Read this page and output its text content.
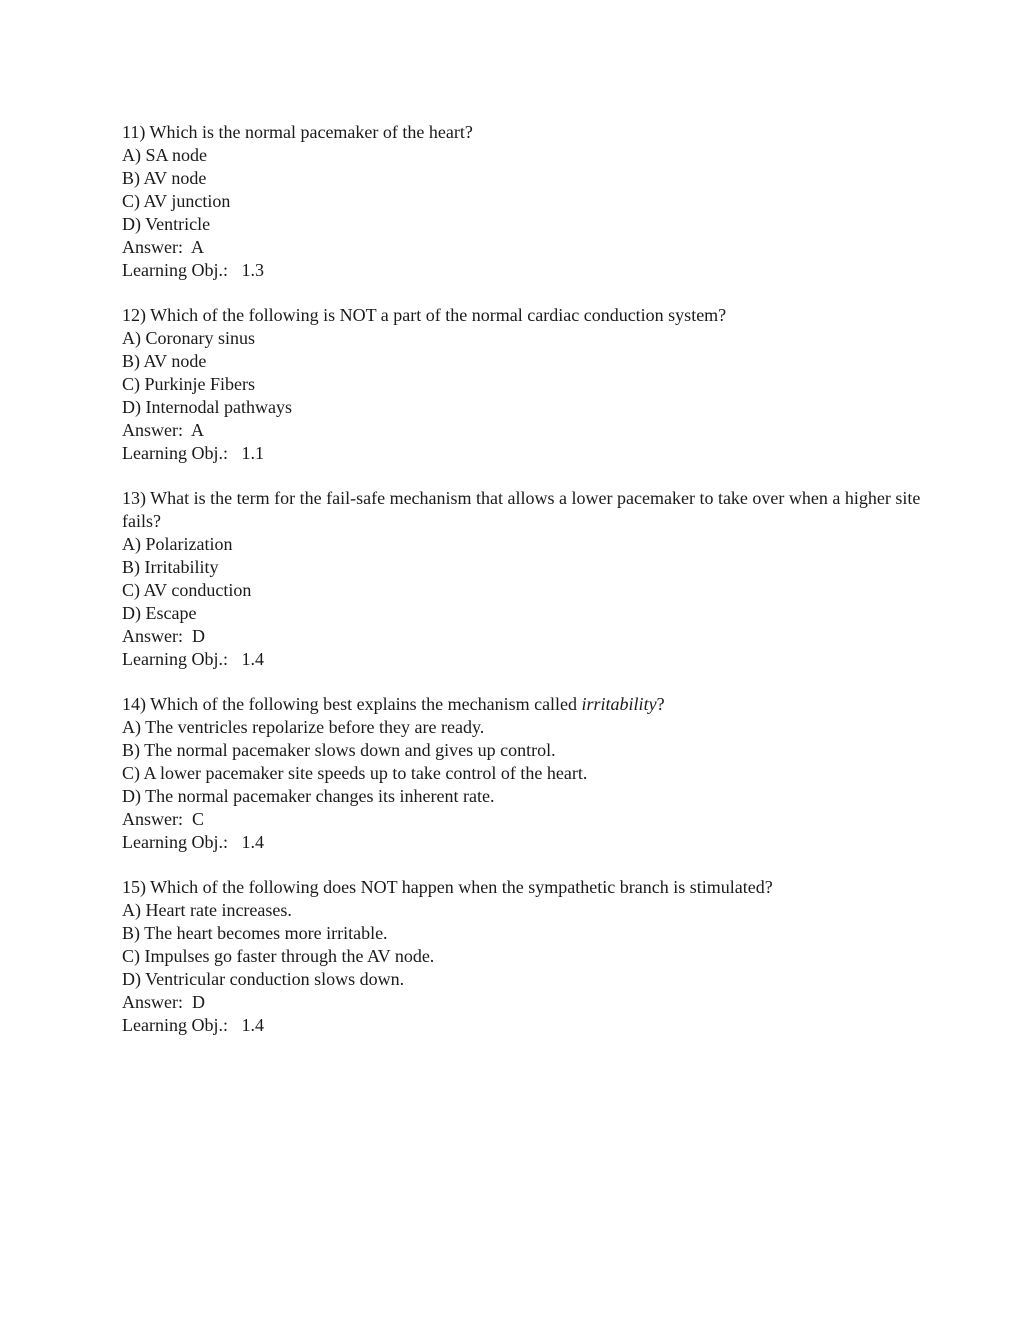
11) Which is the normal pacemaker of the heart?
A) SA node
B) AV node
C) AV junction
D) Ventricle
Answer: A
Learning Obj.: 1.3
12) Which of the following is NOT a part of the normal cardiac conduction system?
A) Coronary sinus
B) AV node
C) Purkinje Fibers
D) Internodal pathways
Answer: A
Learning Obj.: 1.1
13) What is the term for the fail-safe mechanism that allows a lower pacemaker to take over when a higher site fails?
A) Polarization
B) Irritability
C) AV conduction
D) Escape
Answer: D
Learning Obj.: 1.4
14) Which of the following best explains the mechanism called irritability?
A) The ventricles repolarize before they are ready.
B) The normal pacemaker slows down and gives up control.
C) A lower pacemaker site speeds up to take control of the heart.
D) The normal pacemaker changes its inherent rate.
Answer: C
Learning Obj.: 1.4
15) Which of the following does NOT happen when the sympathetic branch is stimulated?
A) Heart rate increases.
B) The heart becomes more irritable.
C) Impulses go faster through the AV node.
D) Ventricular conduction slows down.
Answer: D
Learning Obj.: 1.4
